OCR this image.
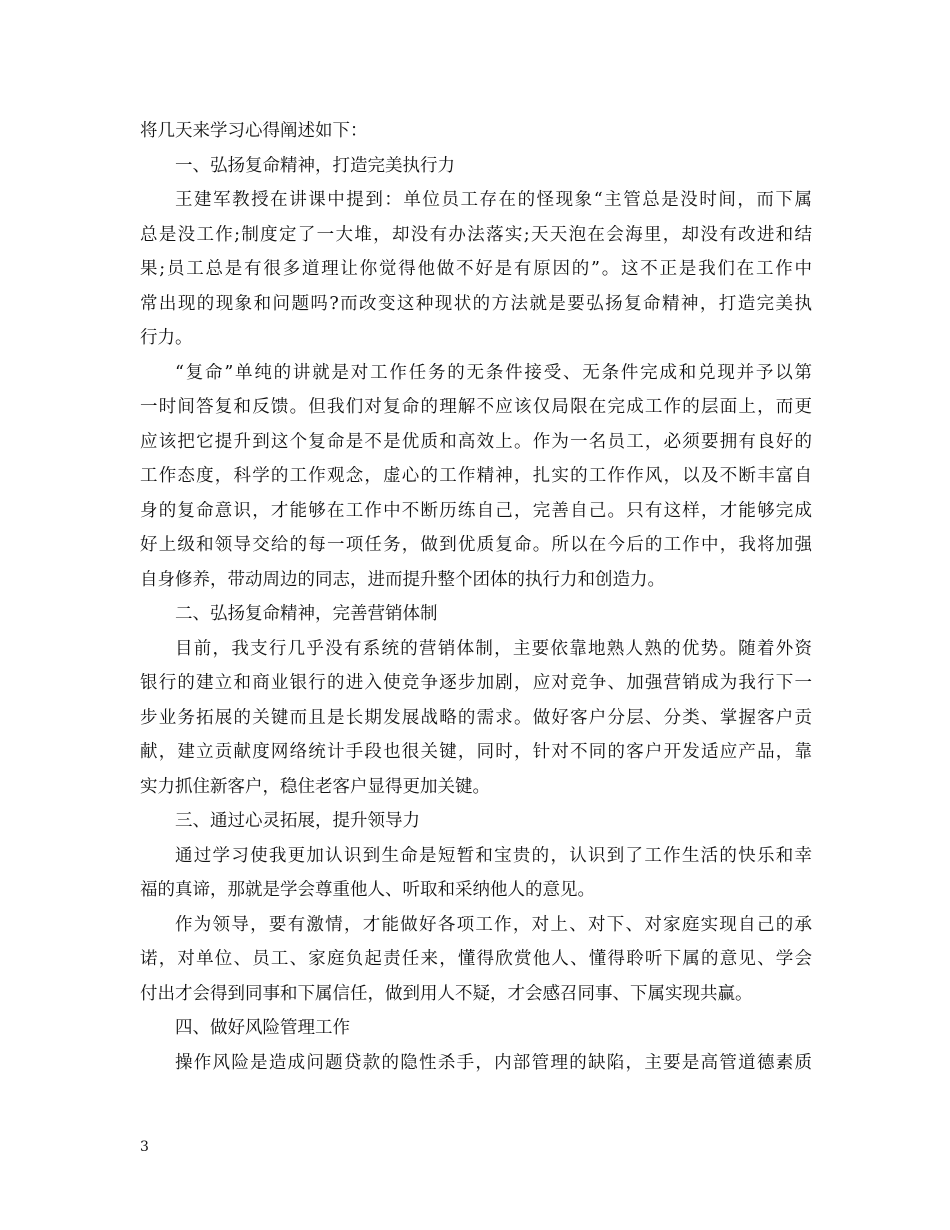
将几天来学习心得阐述如下：
一、弘扬复命精神，打造完美执行力
王建军教授在讲课中提到：单位员工存在的怪现象“主管总是没时间，而下属
总是没工作;制度定了一大堆，却没有办法落实;天天泡在会海里，却没有改进和结
果;员工总是有很多道理让你觉得他做不好是有原因的”。这不正是我们在工作中
常出现的现象和问题吗?而改变这种现状的方法就是要弘扬复命精神，打造完美执
行力。
“复命”单纯的讲就是对工作任务的无条件接受、无条件完成和兑现并予以第
一时间答复和反馈。但我们对复命的理解不应该仅局限在完成工作的层面上，而更
应该把它提升到这个复命是不是优质和高效上。作为一名员工，必须要拥有良好的
工作态度，科学的工作观念，虚心的工作精神，扎实的工作作风，以及不断丰富自
身的复命意识，才能够在工作中不断历练自己，完善自己。只有这样，才能够完成
好上级和领导交给的每一项任务，做到优质复命。所以在今后的工作中，我将加强
自身修养，带动周边的同志，进而提升整个团体的执行力和创造力。
二、弘扬复命精神，完善营销体制
目前，我支行几乎没有系统的营销体制，主要依靠地熟人熟的优势。随着外资
银行的建立和商业银行的进入使竞争逐步加剧，应对竞争、加强营销成为我行下一
步业务拓展的关键而且是长期发展战略的需求。做好客户分层、分类、掌握客户贡
献，建立贡献度网络统计手段也很关键，同时，针对不同的客户开发适应产品，靠
实力抓住新客户，稳住老客户显得更加关键。
三、通过心灵拓展，提升领导力
通过学习使我更加认识到生命是短暂和宝贵的，认识到了工作生活的快乐和幸
福的真谛，那就是学会尊重他人、听取和采纳他人的意见。
作为领导，要有激情，才能做好各项工作，对上、对下、对家庭实现自己的承
诺，对单位、员工、家庭负起责任来，懂得欣赏他人、懂得聆听下属的意见、学会
付出才会得到同事和下属信任，做到用人不疑，才会感召同事、下属实现共赢。
四、做好风险管理工作
操作风险是造成问题贷款的隐性杀手，内部管理的缺陷，主要是高管道德素质
3
